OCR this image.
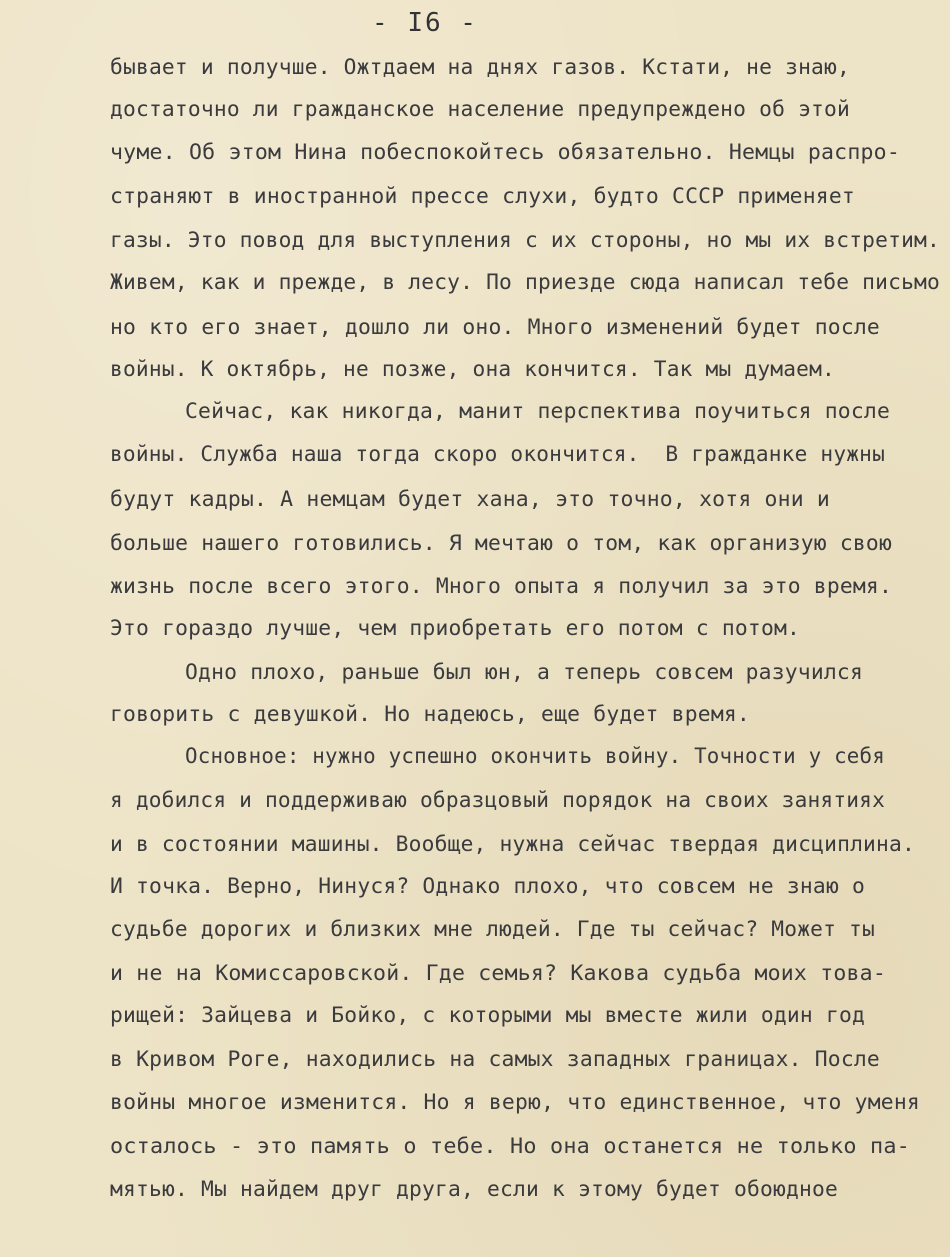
- I6 -
бывает и получше. Ожтдаем на днях газов. Кстати, не знаю,
достаточно ли гражданское население предупреждено об этой
чуме. Об этом Нина побеспокойтесь обязательно. Немцы распро-
страняют в иностранной прессе слухи, будто СССР применяет
газы. Это повод для выступления с их стороны, но мы их встретим.
Живем, как и прежде, в лесу. По приезде сюда написал тебе письмо
но кто его знает, дошло ли оно. Много изменений будет после
войны. К октябрь, не позже, она кончится. Так мы думаем.
Сейчас, как никогда, манит перспектива поучиться после
войны. Служба наша тогда скоро окончится.  В гражданке нужны
будут кадры. А немцам будет хана, это точно, хотя они и
больше нашего готовились. Я мечтаю о том, как организую свою
жизнь после всего этого. Много опыта я получил за это время.
Это гораздо лучше, чем приобретать его потом с потом.
Одно плохо, раньше был юн, а теперь совсем разучился
говорить с девушкой. Но надеюсь, еще будет время.
Основное: нужно успешно окончить войну. Точности у себя
я добился и поддерживаю образцовый порядок на своих занятиях
и в состоянии машины. Вообще, нужна сейчас твердая дисциплина.
И точка. Верно, Нинуся? Однако плохо, что совсем не знаю о
судьбе дорогих и близких мне людей. Где ты сейчас? Может ты
и не на Комиссаровской. Где семья? Какова судьба моих това-
рищей: Зайцева и Бойко, с которыми мы вместе жили один год
в Кривом Роге, находились на самых западных границах. После
войны многое изменится. Но я верю, что единственное, что уменя
осталось - это память о тебе. Но она останется не только па-
мятью. Мы найдем друг друга, если к этому будет обоюдное
